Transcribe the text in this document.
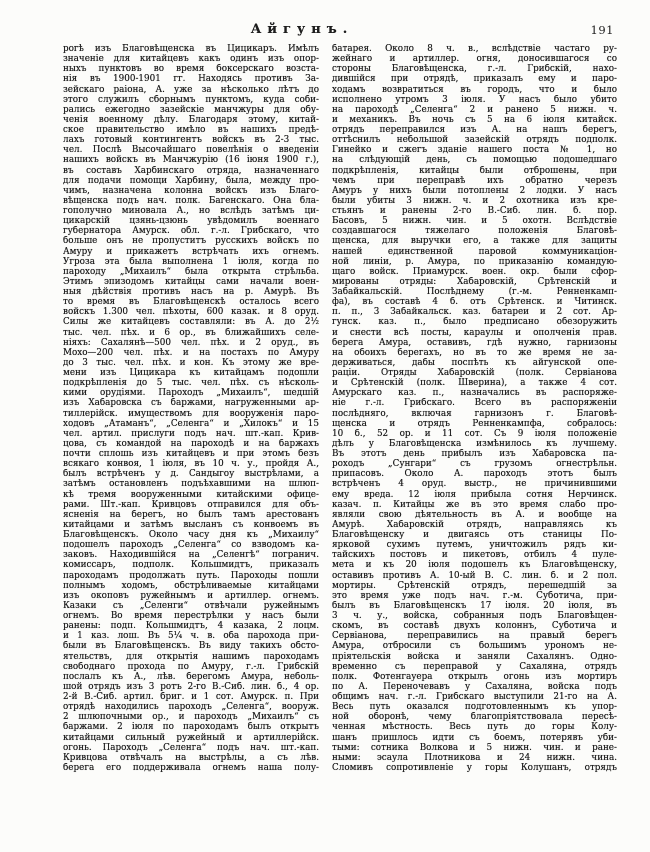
Айгунъ.	191
рогѣ изъ Благовѣщенска въ Цицикаръ. Имѣлъ
значеніе для китайцевъ какъ одинъ изъ опор-
ныхъ пунктовъ во время боксерскаго возста-
нія въ 1900-1901 гг. Находясь противъ За-
зейскаго раіона, А. уже за нѣсколько лѣтъ до
этого служилъ сборнымъ пунктомъ, куда соби-
рались ежегодно зазейскіе манчжуры для обу-
ченія военному дѣлу. Благодаря этому, китай-
ское правительство имѣло въ нашихъ предѣ-
лахъ готовый контингентъ войскъ въ 2-3 тыс.
чел. Послѣ Высочайшаго повелѣнія о введеніи
нашихъ войскъ въ Манчжурію (16 іюня 1900 г.),
въ составъ Харбинскаго отряда, назначеннаго
для подачи помощи Харбину, была, между про-
чимъ, назначена колонна войскъ изъ Благо-
вѣщенска подъ нач. полк. Багенскаго. Она бла-
гополучно миновала А., но вслѣдъ затѣмъ ци-
цикарскій цзянь-цзюнь увѣдомилъ военнаго
губернатора Амурск. обл. г.-л. Грибскаго, что
больше онъ не пропуститъ русскихъ войскъ по
Амуру и прикажетъ встрѣчать ихъ огнемъ.
Угроза эта была выполнена 1 іюля, когда по
пароходу „Михаилъ“ была открыта стрѣльба.
Этимъ эпизодомъ китайцы сами начали воен-
ныя дѣйствія противъ насъ на р. Амурѣ. Въ
то время въ Благовѣщенскѣ осталось всего
войскъ 1.300 чел. пѣхоты, 600 казак. и 8 оруд.
Силы же китайцевъ составляли: въ А. до 2½
тыс. чел. пѣх. и 6 ор., въ ближайшихъ селе-
ніяхъ: Сахалянѣ—500 чел. пѣх. и 2 оруд., въ
Мохо—200 чел. пѣх. и на постахъ по Амуру
до 3 тыс. чел. пѣх. и кон. Къ этому же вре-
мени изъ Цицикара къ китайцамъ подошли
подкрѣпленія до 5 тыс. чел. пѣх. съ нѣсколь-
кими орудіями. Пароходъ „Михаилъ“, шедшій
изъ Хабаровска съ баржами, нагруженными ар-
тиллерійск. имуществомъ для вооруженія паро-
ходовъ „Атаманъ“, „Селенга“ и „Хилокъ“ и 15
чел. артил. прислуги подъ нач. шт.-кап. Крив-
цова, съ командой на пароходѣ и на баржахъ
почти сплошь изъ китайцевъ и при этомъ безъ
всякаго конвоя, 1 іюля, въ 10 ч. у., пройдя А.,
былъ встрѣченъ у д. Сандыгоу выстрѣлами, а
затѣмъ остановленъ подъѣхавшими на шлюп-
кѣ тремя вооруженными китайскими офице-
рами. Шт.-кап. Кривцовъ отправился для объ-
ясненія на берегъ, но былъ тамъ арестованъ
китайцами и затѣмъ высланъ съ конвоемъ въ
Благовѣщенскъ. Около часу дня къ „Михаилу“
подошелъ пароходъ „Селенга“ со взводомъ ка-
заковъ. Находившійся на „Селенгѣ“ погранич.
комиссаръ, подполк. Кольшмидтъ, приказалъ
пароходамъ продолжать путь. Пароходы пошли
полнымъ ходомъ, обстрѣливаемые китайцами
изъ окоповъ ружейнымъ и артиллер. огнемъ.
Казаки съ „Селенги“ отвѣчали ружейнымъ
огнемъ. Во время перестрѣлки у насъ были
ранены: подп. Кольшмидтъ, 4 казака, 2 лоцм.
и 1 каз. лош. Въ 5¼ ч. в. оба парохода при-
были въ Благовѣщенскъ. Въ виду такихъ обсто-
ятельствъ, для открытія нашимъ пароходамъ
свободнаго прохода по Амуру, г.-л. Грибскій
послалъ къ А., лѣв. берегомъ Амура, неболь-
шой отрядъ изъ 3 ротъ 2-го В.-Сиб. лин. б., 4 ор.
2-й В.-Сиб. артил. бриг. и 1 сот. Амурск. п. При
отрядѣ находились пароходъ „Селенга“, вооруж.
2 шлюпочными ор., и пароходъ „Михаилъ“ съ
баржами. 2 іюля по пароходамъ былъ открытъ
китайцами сильный ружейный и артиллерійск.
огонь. Пароходъ „Селенга“ подъ нач. шт.-кап.
Кривцова отвѣчалъ на выстрѣлы, а съ лѣв.
берега его поддерживала огнемъ наша полу-
батарея. Около 8 ч. в., вслѣдствіе частаго ру-
жейнаго и артиллер. огня, доносившагося со
стороны Благовѣщенска, г.-л. Грибскій, нахо-
дившійся при отрядѣ, приказалъ ему и паро-
ходамъ возвратиться въ городъ, что и было
исполнено утромъ 3 іюля. У насъ было убито
на пароходѣ „Селенга“ 2 и ранено 5 нижн. ч.
и механикъ. Въ ночь съ 5 на 6 іюля китайск.
отрядъ переправился изъ А. на нашъ берегъ,
оттѣснилъ небольшой зазейскій отрядъ подполк.
Гинейко и сжегъ зданіе нашего поста № 1, но
на слѣдующій день, съ помощью подошедшаго
подкрѣпленія, китайцы были отброшены, при
чемъ при переправѣ ихъ обратно черезъ
Амуръ у нихъ были потоплены 2 лодки. У насъ
были убиты 3 нижн. ч. и 2 охотника изъ кре-
стьянъ и ранены 2-го В.-Сиб. лин. б. пор.
Басовъ, 5 нижн. чин. и 5 охотн. Вслѣдствіе
создавшагося тяжелаго положенія Благовѣ-
щенска, для выручки его, а также для защиты
нашей единственной паровой коммуникаціон-
ной линіи, р. Амура, по приказанію командую-
щаго войск. Приамурск. воен. окр. были сфор-
мированы отряды: Хабаровскій, Срѣтенскій и
Забайкальскій. Послѣднему (г.-м. Ренненкамп-
фа), въ составѣ 4 б. отъ Срѣтенск. и Читинск.
п. п., 3 Забайкальск. каз. батареи и 2 сот. Ар-
гунск. каз. п., было предписано обезоружить
и снести всѣ посты, караулы и ополченія прав.
берега Амура, оставивъ, гдѣ нужно, гарнизоны
на обоихъ берегахъ, но въ то же время не за-
держиваться, дабы поспѣть къ айгунской опе-
раціи. Отряды Хабаровскій (полк. Сервіанова
и Срѣтенскій (полк. Шверина), а также 4 сот.
Амурскаго каз. п., назначались въ распоряже-
ніе г.-л. Грибскаго. Всего въ распоряженіи
послѣдняго, включая гарнизонъ г. Благовѣ-
щенска и отрядъ Ренненкампфа, собралось:
10 б., 52 ор. и 11 сот. Съ 9 іюля положеніе
дѣлъ у Благовѣщенска измѣнилось къ лучшему.
Въ этотъ день прибылъ изъ Хабаровска па-
роходъ „Сунгари“ съ грузомъ огнестрѣльн.
припасовъ. Около А. пароходъ этотъ былъ
встрѣченъ 4 оруд. выстр., не причинившими
ему вреда. 12 іюля прибыла сотня Нерчинск.
казач. п. Китайцы же въ это время слабо про-
являли свою дѣятельность въ А. и вообще на
Амурѣ. Хабаровскій отрядъ, направляясь къ
Благовѣщенску и двигаясь отъ станицы По-
ярковой сухимъ путемъ, уничтожилъ рядъ ки-
тайскихъ постовъ и пикетовъ, отбилъ 4 пуле-
мета и къ 20 іюля подошелъ къ Благовѣщенску,
оставивъ противъ А. 10-ый В. С. лин. б. и 2 пол.
мортиры. Срѣтенскій отрядъ, перешедшій за
это время уже подъ нач. г.-м. Суботича, при-
былъ въ Благовѣщенскъ 17 іюля. 20 іюля, въ
3 ч. у., войска, собранныя подъ Благовѣщен-
скомъ, въ составѣ двухъ колоннъ, Суботича и
Сервіанова, переправились на правый берегъ
Амура, отбросили съ большимъ урономъ не-
пріятельскія войска и заняли Сахалянъ. Одно-
временно съ переправой у Сахаляна, отрядъ
полк. Фотенгауера открылъ огонь изъ мортиръ
по А. Переночевавъ у Сахаляна, войска подъ
общимъ нач. г.-л. Грибскаго выступили 21-го на А.
Весь путь оказался подготовленнымъ къ упор-
ной оборонѣ, чему благопріятствовала пересѣ-
ченная мѣстность. Весь путь до горы Колу-
шанъ пришлось идти съ боемъ, потерявъ уби-
тыми: сотника Волкова и 5 нижн. чин. и ране-
ными: эсаула Плотникова и 24 нижн. чина.
Сломивъ сопротивленіе у горы Колушанъ, отрядъ
